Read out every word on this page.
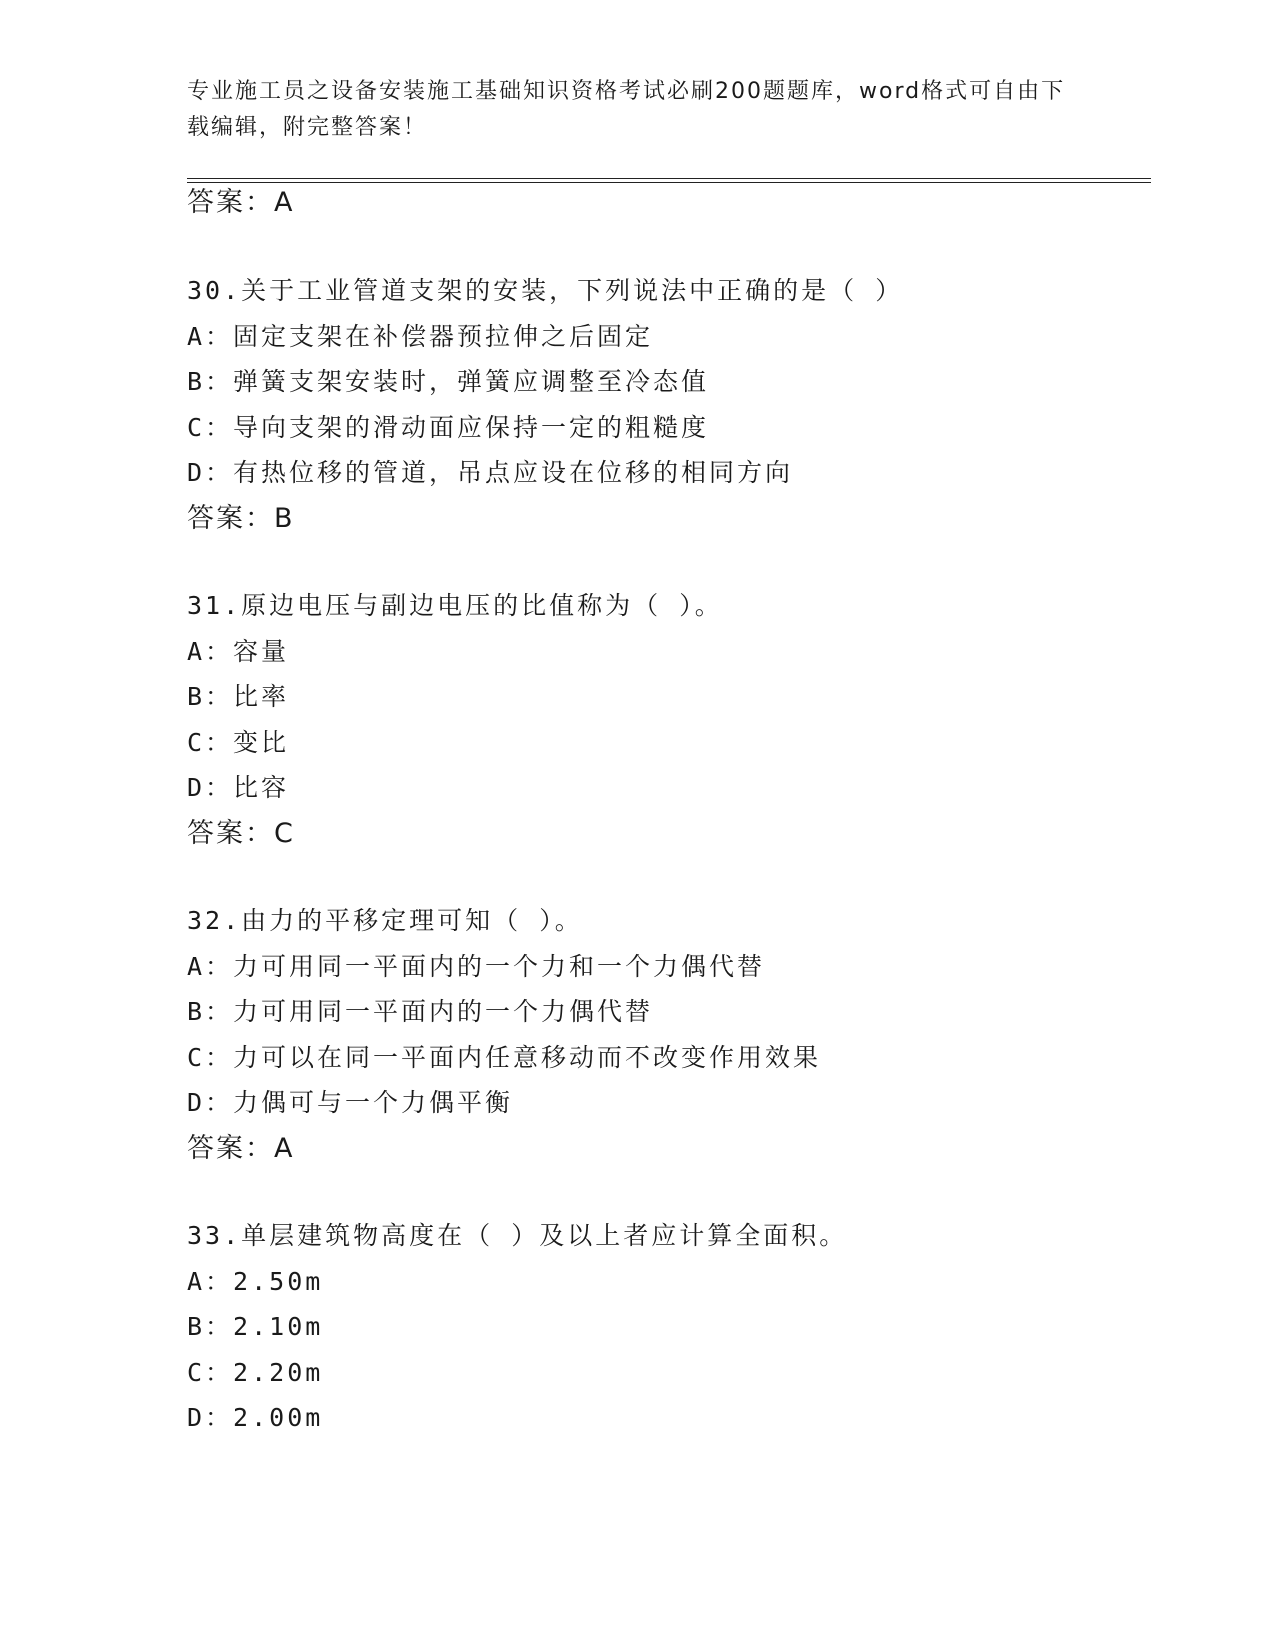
专业施工员之设备安装施工基础知识资格考试必刷200题题库，word格式可自由下载编辑，附完整答案！
答案：A
30.关于工业管道支架的安装，下列说法中正确的是（ ）
A：固定支架在补偿器预拉伸之后固定
B：弹簧支架安装时，弹簧应调整至冷态值
C：导向支架的滑动面应保持一定的粗糙度
D：有热位移的管道，吊点应设在位移的相同方向
答案：B
31.原边电压与副边电压的比值称为（ ）。
A：容量
B：比率
C：变比
D：比容
答案：C
32.由力的平移定理可知（ ）。
A：力可用同一平面内的一个力和一个力偶代替
B：力可用同一平面内的一个力偶代替
C：力可以在同一平面内任意移动而不改变作用效果
D：力偶可与一个力偶平衡
答案：A
33.单层建筑物高度在（ ）及以上者应计算全面积。
A：2.50m
B：2.10m
C：2.20m
D：2.00m
